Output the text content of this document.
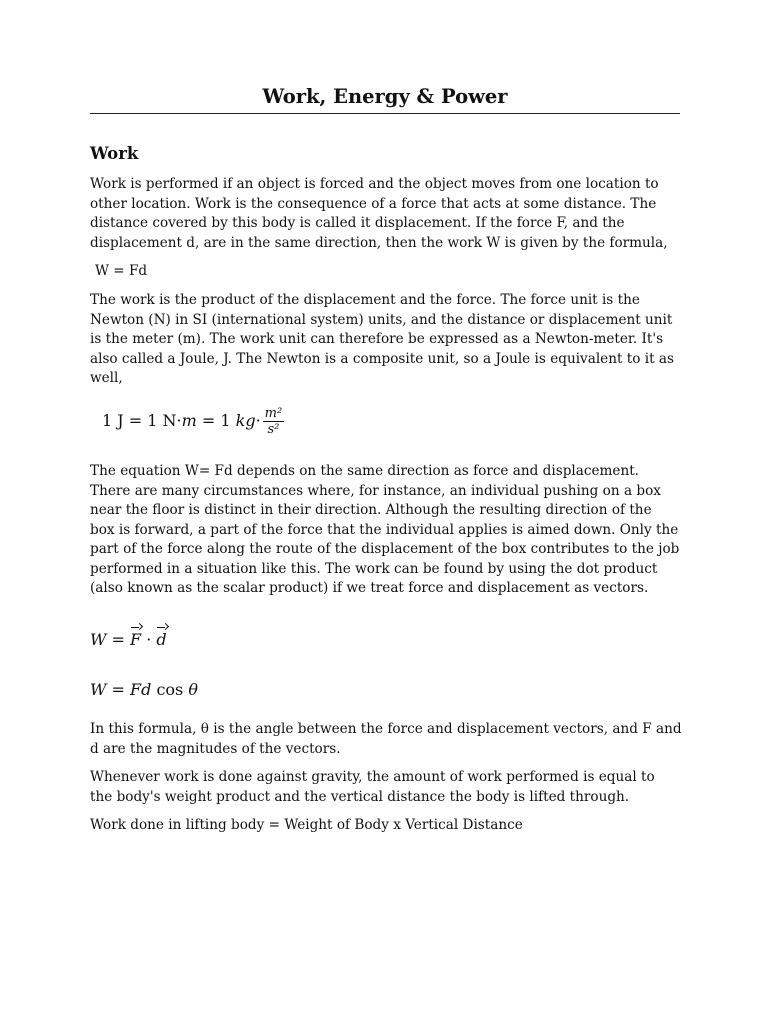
Work, Energy & Power
Work
Work is performed if an object is forced and the object moves from one location to
other location. Work is the consequence of a force that acts at some distance. The
distance covered by this body is called it displacement. If the force F, and the
displacement d, are in the same direction, then the work W is given by the formula,
W = Fd
The work is the product of the displacement and the force. The force unit is the
Newton (N) in SI (international system) units, and the distance or displacement unit
is the meter (m). The work unit can therefore be expressed as a Newton-meter. It's
also called a Joule, J. The Newton is a composite unit, so a Joule is equivalent to it as
well,
1 J = 1 N·m = 1 $kg\cdot \frac{\text{m²}}{\text{s²}}$
The equation W= Fd depends on the same direction as force and displacement.
There are many circumstances where, for instance, an individual pushing on a box
near the floor is distinct in their direction. Although the resulting direction of the
box is forward, a part of the force that the individual applies is aimed down. Only the
part of the force along the route of the displacement of the box contributes to the job
performed in a situation like this. The work can be found by using the dot product
(also known as the scalar product) if we treat force and displacement as vectors.
W = F · d
W = Fd cos θ
In this formula, θ is the angle between the force and displacement vectors, and F and
d are the magnitudes of the vectors.
Whenever work is done against gravity, the amount of work performed is equal to
the body's weight product and the vertical distance the body is lifted through.
Work done in lifting body = Weight of Body x Vertical Distance
